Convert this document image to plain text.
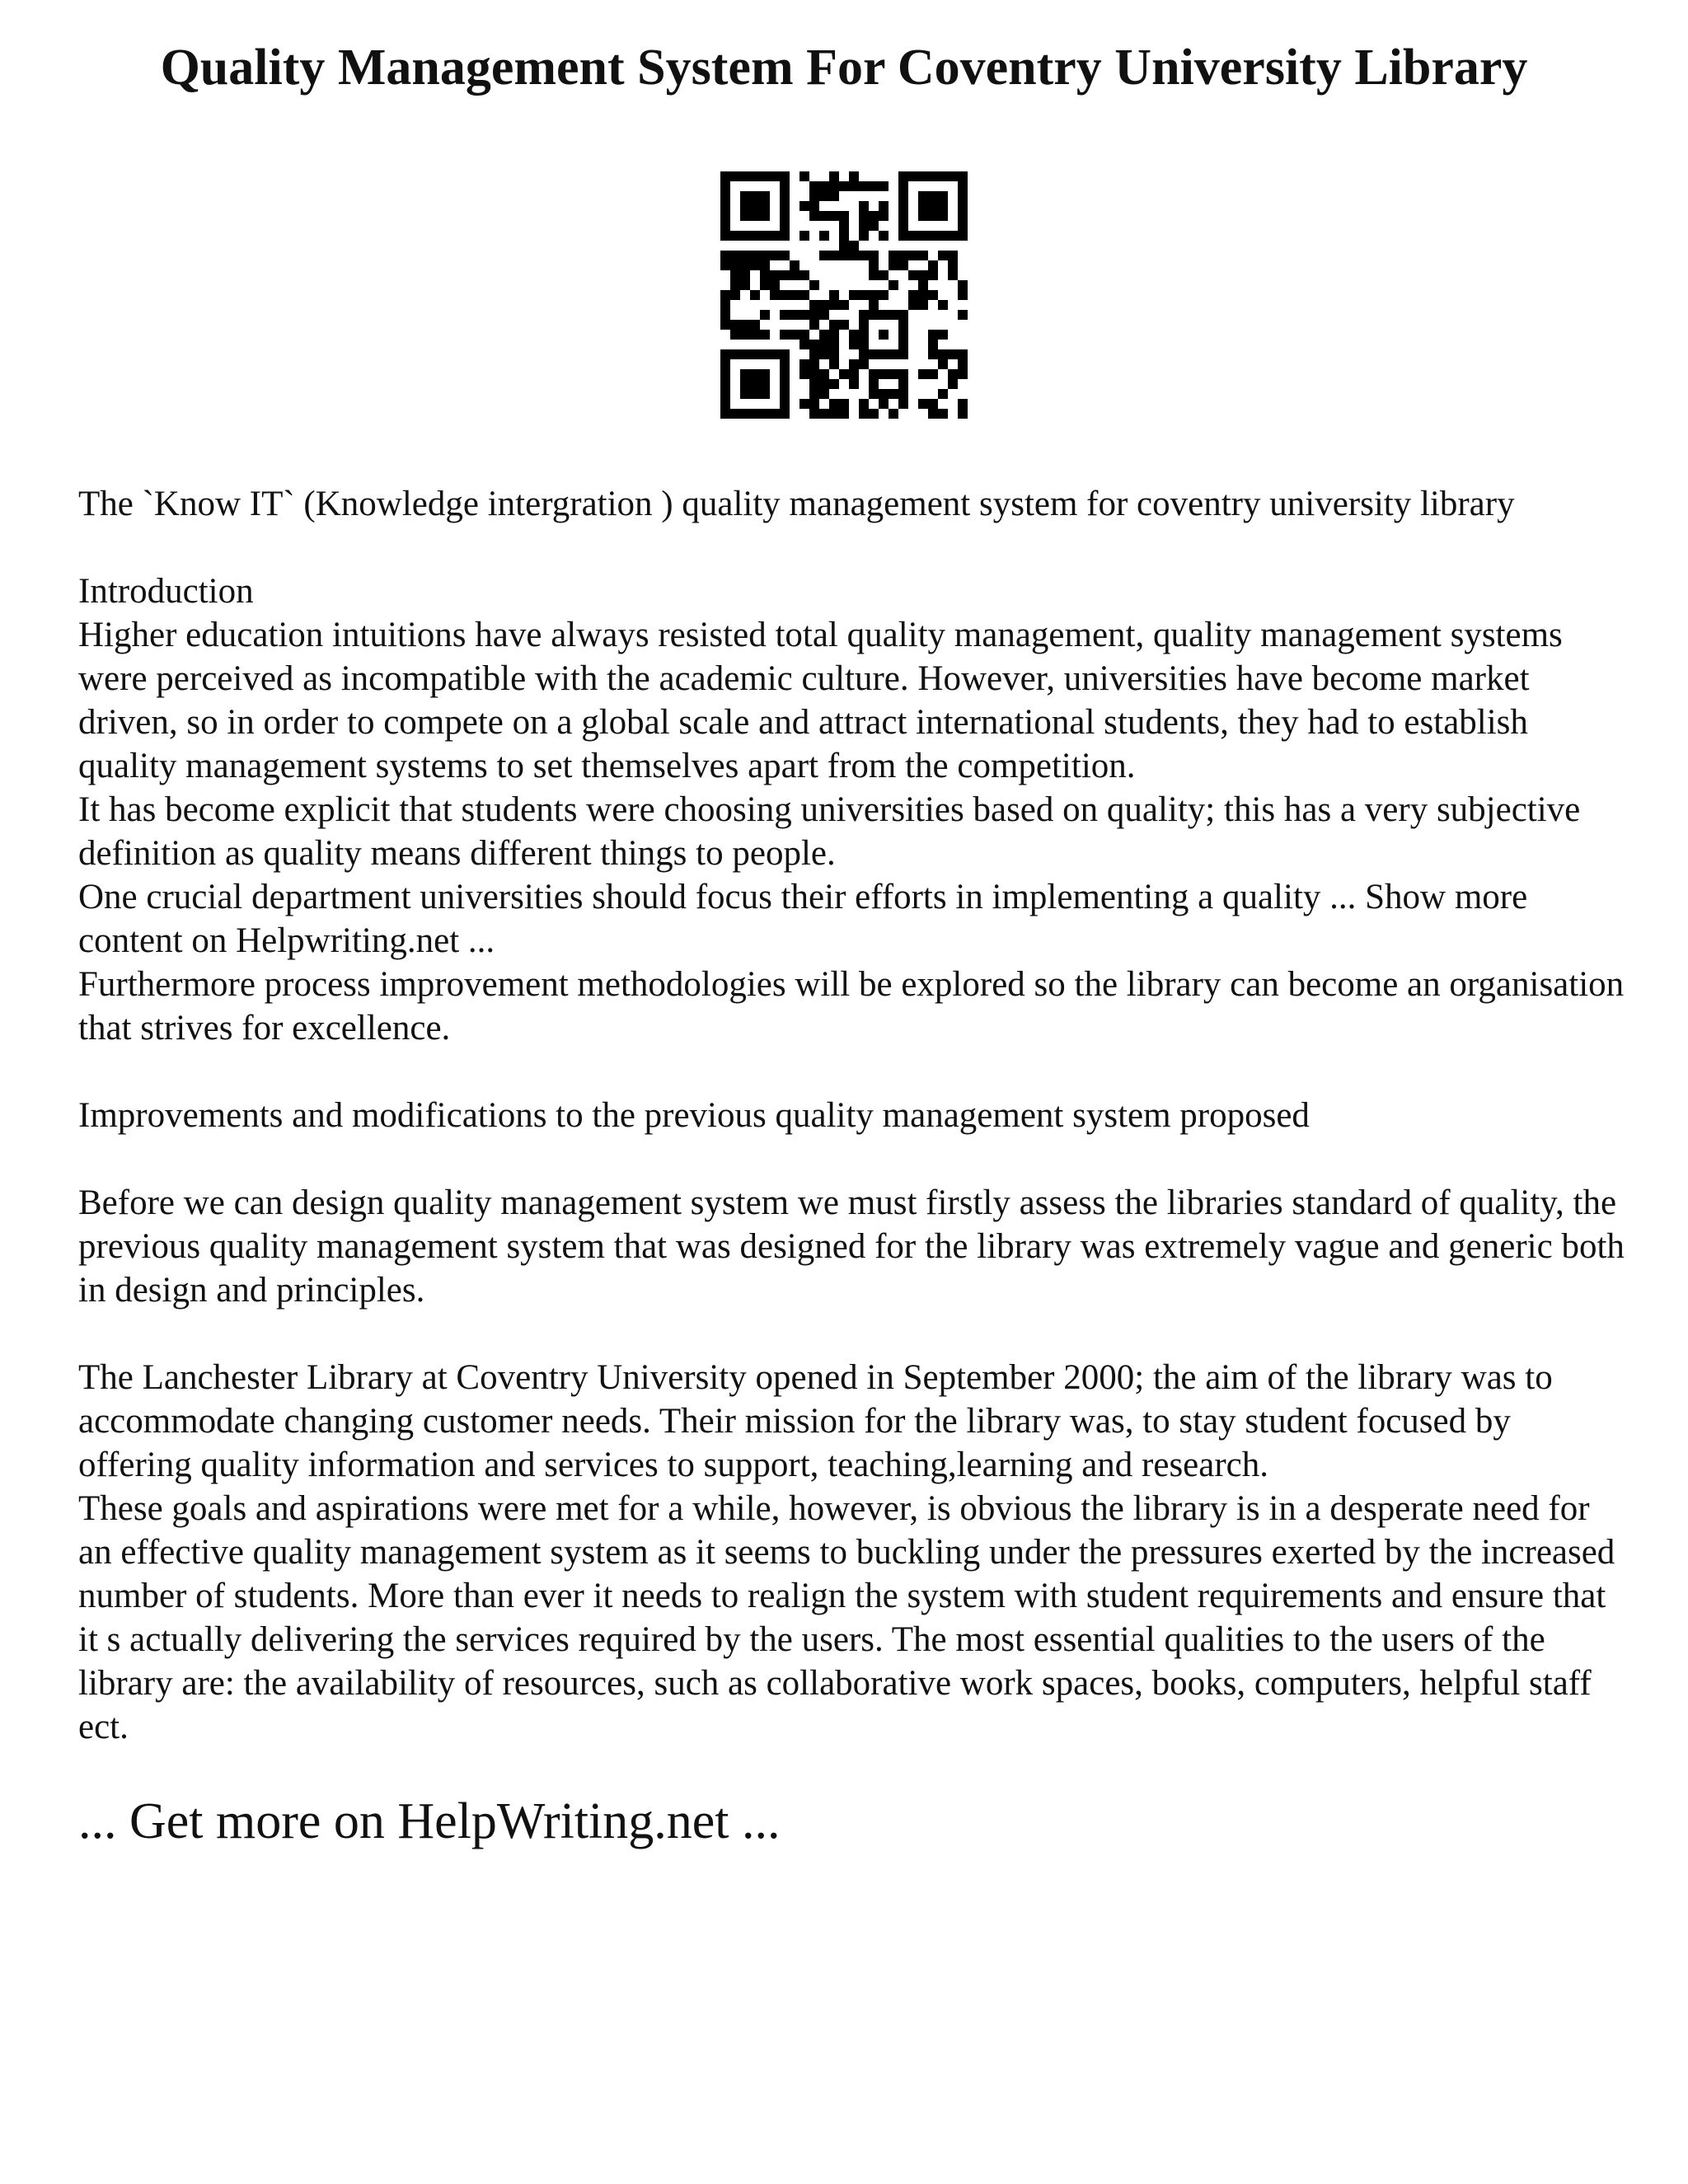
Quality Management System For Coventry University Library

The `Know IT` (Knowledge intergration ) quality management system for coventry university library

Introduction

Higher education intuitions have always resisted total quality management, quality management systems were perceived as incompatible with the academic culture. However, universities have become market driven, so in order to compete on a global scale and attract international students, they had to establish quality management systems to set themselves apart from the competition.

It has become explicit that students were choosing universities based on quality; this has a very subjective definition as quality means different things to people.

One crucial department universities should focus their efforts in implementing a quality ... Show more content on Helpwriting.net ...

Furthermore process improvement methodologies will be explored so the library can become an organisation that strives for excellence.

Improvements and modifications to the previous quality management system proposed

Before we can design quality management system we must firstly assess the libraries standard of quality, the previous quality management system that was designed for the library was extremely vague and generic both in design and principles.

The Lanchester Library at Coventry University opened in September 2000; the aim of the library was to accommodate changing customer needs. Their mission for the library was, to stay student focused by offering quality information and services to support, teaching,learning and research.

These goals and aspirations were met for a while, however, is obvious the library is in a desperate need for an effective quality management system as it seems to buckling under the pressures exerted by the increased number of students. More than ever it needs to realign the system with student requirements and ensure that it s actually delivering the services required by the users. The most essential qualities to the users of the library are: the availability of resources, such as collaborative work spaces, books, computers, helpful staff ect.

... Get more on HelpWriting.net ...
